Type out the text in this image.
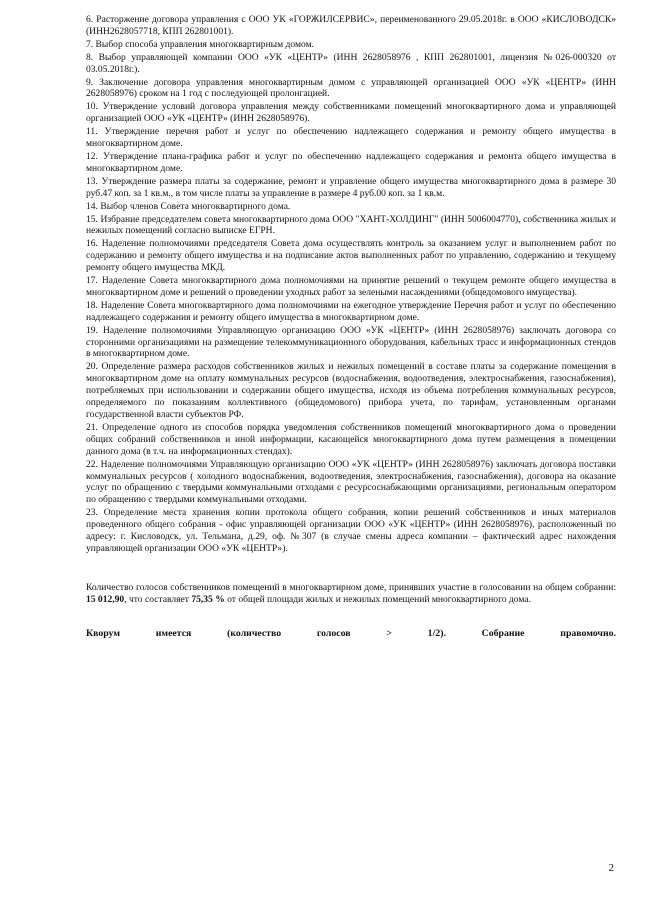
6. Расторжение договора управления с ООО УК «ГОРЖИЛСЕРВИС», переименованного 29.05.2018г. в ООО «КИСЛОВОДСК» (ИНН2628057718, КПП 262801001).

7. Выбор способа управления многоквартирным домом.

8. Выбор управляющей компании ООО «УК «ЦЕНТР» (ИНН 2628058976 , КПП 262801001, лицензия №026-000320 от 03.05.2018г.).

9. Заключение договора управления многоквартирным домом с управляющей организацией ООО «УК «ЦЕНТР» (ИНН 2628058976) сроком на 1 год с последующей пролонгацией.

10. Утверждение условий договора управления между собственниками помещений многоквартирного дома и управляющей организацией ООО «УК «ЦЕНТР» (ИНН 2628058976).

11. Утверждение перечня работ и услуг по обеспечению надлежащего содержания и ремонту общего имущества в многоквартирном доме.

12. Утверждение плана-графика работ и услуг по обеспечению надлежащего содержания и ремонта общего имущества в многоквартирном доме.

13. Утверждение размера платы за содержание, ремонт и управление общего имущества многоквартирного дома в размере 30 руб.47 коп. за 1 кв.м., в том числе платы за управление в размере 4 руб.00 коп. за 1 кв.м.

14. Выбор членов Совета многоквартирного дома.

15. Избрание председателем совета многоквартирного дома ООО "ХАНТ-ХОЛДИНГ" (ИНН 5006004770), собственника жилых и нежилых помещений согласно выписке ЕГРН.

16. Наделение полномочиями председателя Совета дома осуществлять контроль за оказанием услуг и выполнением работ по содержанию и ремонту общего имущества и на подписание актов выполненных работ по управлению, содержанию и текущему ремонту общего имущества МКД.

17. Наделение Совета многоквартирного дома полномочиями на принятие решений о текущем ремонте общего имущества в многоквартирном доме и решений о проведении уходных работ за зелеными насаждениями (общедомового имущества).

18. Наделение Совета многоквартирного дома полномочиями на ежегодное утверждение Перечня работ и услуг по обеспечению надлежащего содержания и ремонту общего имущества в многоквартирном доме.

19. Наделение полномочиями Управляющую организацию ООО «УК «ЦЕНТР» (ИНН 2628058976) заключать договора со сторонними организациями на размещение телекоммуникационного оборудования, кабельных трасс и информационных стендов в многоквартирном доме.

20. Определение размера расходов собственников жилых и нежилых помещений в составе платы за содержание помещения в многоквартирном доме на оплату коммунальных ресурсов (водоснабжения, водоотведения, электроснабжения, газоснабжения), потребляемых при использовании и содержании общего имущества, исходя из объема потребления коммунальных ресурсов, определяемого по показаниям коллективного (общедомового) прибора учета, по тарифам, установленным органами государственной власти субъектов РФ.

21. Определение одного из способов порядка уведомления собственников помещений многоквартирного дома о проведении общих собраний собственников и иной информации, касающейся многоквартирного дома путем размещения в помещении данного дома (в т.ч. на информационных стендах).

22. Наделение полномочиями Управляющую организацию ООО «УК «ЦЕНТР» (ИНН 2628058976) заключать договора поставки коммунальных ресурсов ( холодного водоснабжения, водоотведения, электроснабжения, газоснабжения), договора на оказание услуг по обращению с твердыми коммунальными отходами с ресурсоснабжающими организациями, региональным оператором по обращению с твердыми коммунальными отходами.

23. Определение места хранения копии протокола общего собрания, копии решений собственников и иных материалов проведенного общего собрания - офис управляющей организации ООО «УК «ЦЕНТР» (ИНН 2628058976), расположенный по адресу: г. Кисловодск, ул. Тельмана, д.29, оф. №307 (в случае смены адреса компании – фактический адрес нахождения управляющей организации ООО «УК «ЦЕНТР»).

Количество голосов собственников помещений в многоквартирном доме, принявших участие в голосовании на общем собрании: 15 012,90, что составляет 75,35 % от общей площади жилых и нежилых помещений многоквартирного дома.

Кворум	имеется	(количество	голосов	>	1/2).	Собрание	правомочно.
2
